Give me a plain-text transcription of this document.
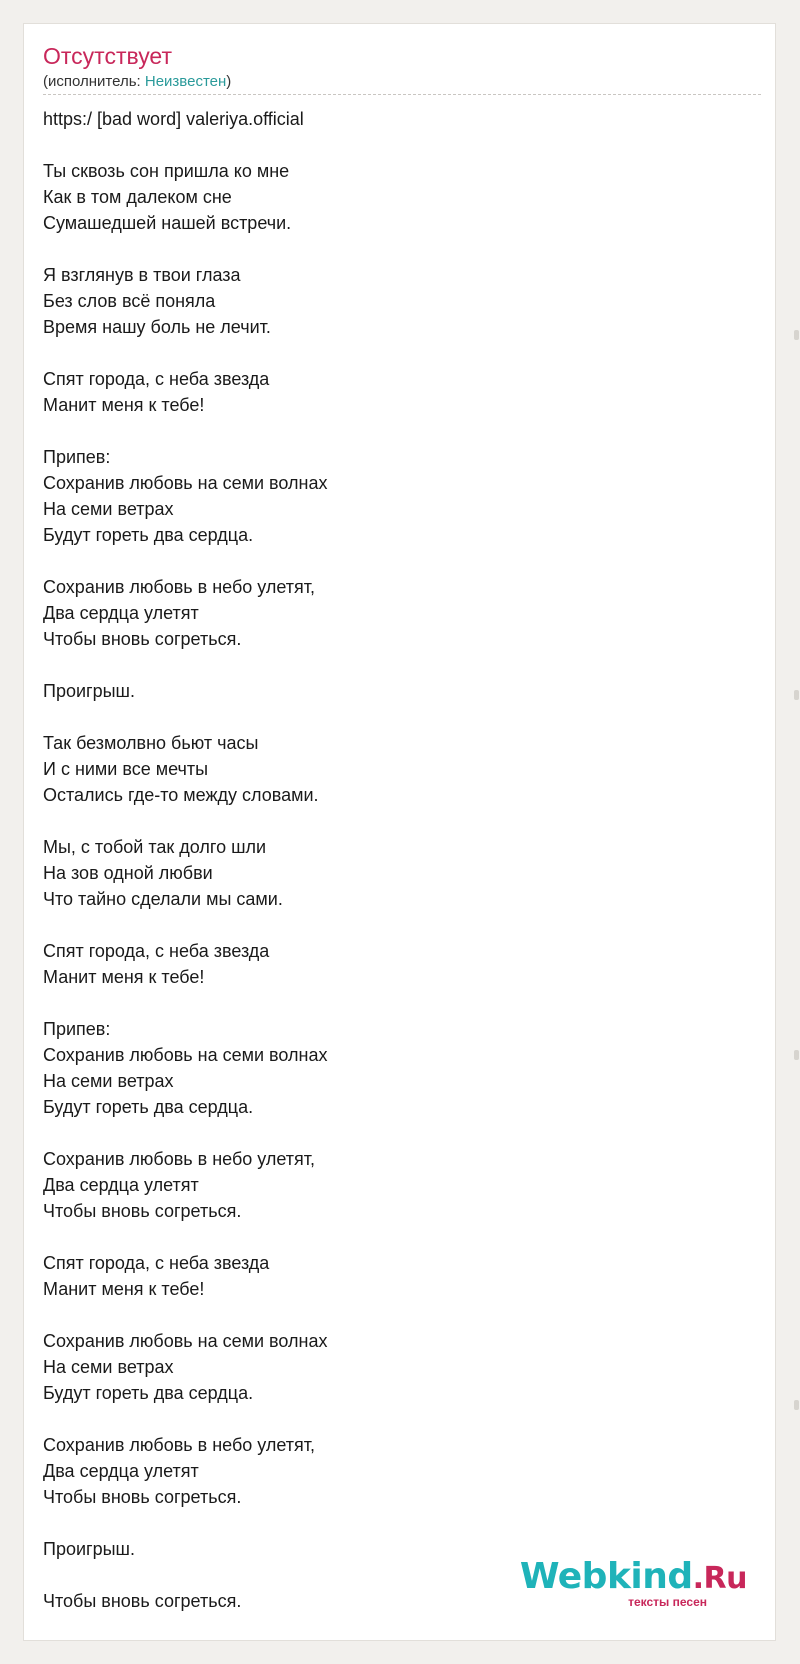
Отсутствует
(исполнитель: Неизвестен)
https:/ [bad word] valeriya.official
Ты сквозь сон пришла ко мне
Как в том далеком сне
Сумашедшей нашей встречи.
Я взглянув в твои глаза
Без слов всё поняла
Время нашу боль не лечит.
Спят города, с неба звезда
Манит меня к тебе!
Припев:
Сохранив любовь на семи волнах
На семи ветрах
Будут гореть два сердца.
Сохранив любовь в небо улетят,
Два сердца улетят
Чтобы вновь согреться.
Проигрыш.
Так безмолвно бьют часы
И с ними все мечты
Остались где-то между словами.
Мы, с тобой так долго шли
На зов одной любви
Что тайно сделали мы сами.
Спят города, с неба звезда
Манит меня к тебе!
Припев:
Сохранив любовь на семи волнах
На семи ветрах
Будут гореть два сердца.
Сохранив любовь в небо улетят,
Два сердца улетят
Чтобы вновь согреться.
Спят города, с неба звезда
Манит меня к тебе!
Сохранив любовь на семи волнах
На семи ветрах
Будут гореть два сердца.
Сохранив любовь в небо улетят,
Два сердца улетят
Чтобы вновь согреться.
Проигрыш.
Чтобы вновь согреться.
Webkind.Ru
тексты песен
